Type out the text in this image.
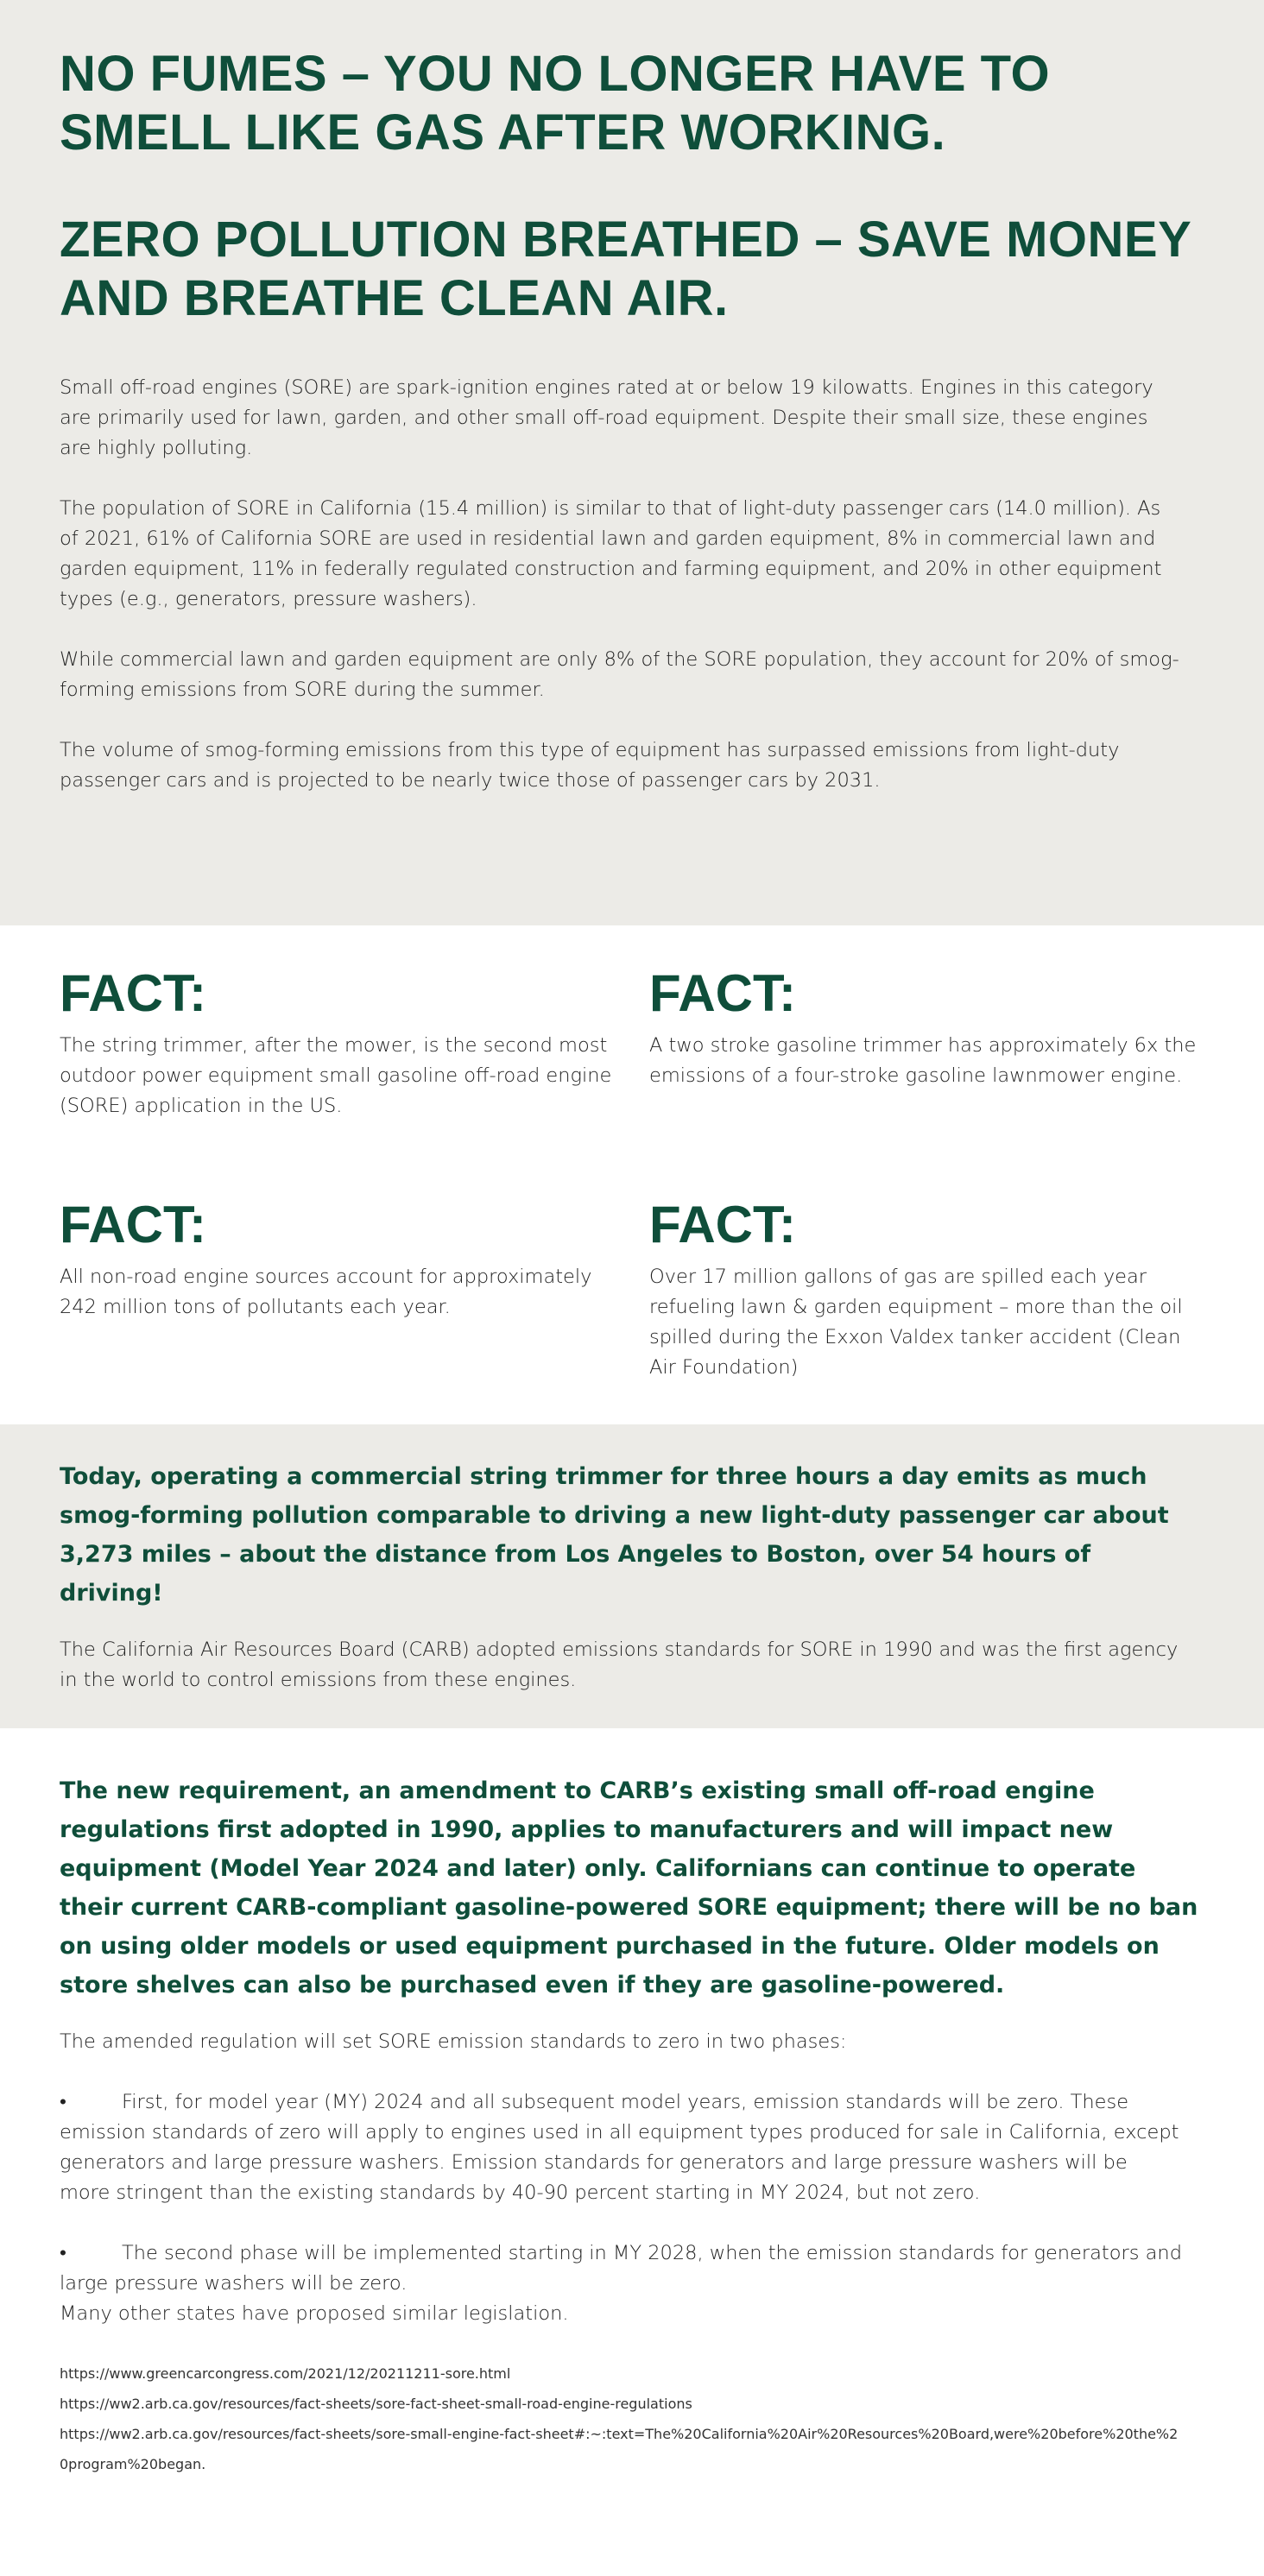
NO FUMES – YOU NO LONGER HAVE TO SMELL LIKE GAS AFTER WORKING.
ZERO POLLUTION BREATHED – SAVE MONEY AND BREATHE CLEAN AIR.

Small off-road engines (SORE) are spark-ignition engines rated at or below 19 kilowatts. Engines in this category are primarily used for lawn, garden, and other small off-road equipment. Despite their small size, these engines are highly polluting.

The population of SORE in California (15.4 million) is similar to that of light-duty passenger cars (14.0 million). As of 2021, 61% of California SORE are used in residential lawn and garden equipment, 8% in commercial lawn and garden equipment, 11% in federally regulated construction and farming equipment, and 20% in other equipment types (e.g., generators, pressure washers).

While commercial lawn and garden equipment are only 8% of the SORE population, they account for 20% of smog-forming emissions from SORE during the summer.

The volume of smog-forming emissions from this type of equipment has surpassed emissions from light-duty passenger cars and is projected to be nearly twice those of passenger cars by 2031.

FACT:

The string trimmer, after the mower, is the second most outdoor power equipment small gasoline off-road engine (SORE) application in the US.

FACT:

A two stroke gasoline trimmer has approximately 6x the emissions of a four-stroke gasoline lawnmower engine.

FACT:

All non-road engine sources account for approximately 242 million tons of pollutants each year.

FACT:

Over 17 million gallons of gas are spilled each year refueling lawn & garden equipment – more than the oil spilled during the Exxon Valdex tanker accident (Clean Air Foundation)

Today, operating a commercial string trimmer for three hours a day emits as much smog-forming pollution comparable to driving a new light-duty passenger car about 3,273 miles – about the distance from Los Angeles to Boston, over 54 hours of driving!

The California Air Resources Board (CARB) adopted emissions standards for SORE in 1990 and was the first agency in the world to control emissions from these engines.

The new requirement, an amendment to CARB’s existing small off-road engine regulations first adopted in 1990, applies to manufacturers and will impact new equipment (Model Year 2024 and later) only. Californians can continue to operate their current CARB-compliant gasoline-powered SORE equipment; there will be no ban on using older models or used equipment purchased in the future. Older models on store shelves can also be purchased even if they are gasoline-powered.

The amended regulation will set SORE emission standards to zero in two phases:

•	First, for model year (MY) 2024 and all subsequent model years, emission standards will be zero. These emission standards of zero will apply to engines used in all equipment types produced for sale in California, except generators and large pressure washers. Emission standards for generators and large pressure washers will be more stringent than the existing standards by 40-90 percent starting in MY 2024, but not zero.

•	The second phase will be implemented starting in MY 2028, when the emission standards for generators and large pressure washers will be zero.

Many other states have proposed similar legislation.

https://www.greencarcongress.com/2021/12/20211211-sore.html
https://ww2.arb.ca.gov/resources/fact-sheets/sore-fact-sheet-small-road-engine-regulations
https://ww2.arb.ca.gov/resources/fact-sheets/sore-small-engine-fact-sheet#:~:text=The%20California%20Air%20Resources%20Board,were%20before%20the%20program%20began.
